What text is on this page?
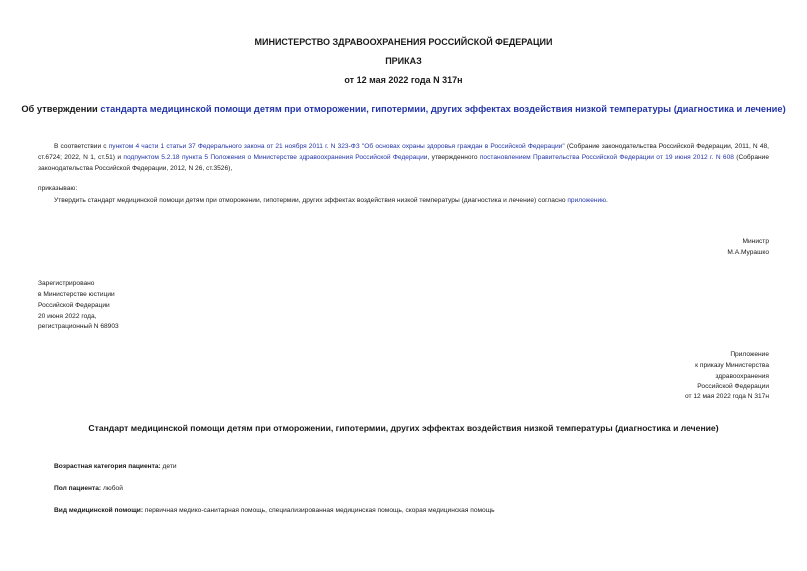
МИНИСТЕРСТВО ЗДРАВООХРАНЕНИЯ РОССИЙСКОЙ ФЕДЕРАЦИИ
ПРИКАЗ
от 12 мая 2022 года N 317н
Об утверждении стандарта медицинской помощи детям при отморожении, гипотермии, других эффектах воздействия низкой температуры (диагностика и лечение)
В соответствии с пунктом 4 части 1 статьи 37 Федерального закона от 21 ноября 2011 г. N 323-ФЗ "Об основах охраны здоровья граждан в Российской Федерации" (Собрание законодательства Российской Федерации, 2011, N 48, ст.6724; 2022, N 1, ст.51) и подпунктом 5.2.18 пункта 5 Положения о Министерстве здравоохранения Российской Федерации, утвержденного постановлением Правительства Российской Федерации от 19 июня 2012 г. N 608 (Собрание законодательства Российской Федерации, 2012, N 26, ст.3526),
приказываю:
Утвердить стандарт медицинской помощи детям при отморожении, гипотермии, других эффектах воздействия низкой температуры (диагностика и лечение) согласно приложению.
Министр
М.А.Мурашко
Зарегистрировано
в Министерстве юстиции
Российской Федерации
20 июня 2022 года,
регистрационный N 68903
Приложение
к приказу Министерства
здравоохранения
Российской Федерации
от 12 мая 2022 года N 317н
Стандарт медицинской помощи детям при отморожении, гипотермии, других эффектах воздействия низкой температуры (диагностика и лечение)
Возрастная категория пациента: дети
Пол пациента: любой
Вид медицинской помощи: первичная медико-санитарная помощь, специализированная медицинская помощь, скорая медицинская помощь
